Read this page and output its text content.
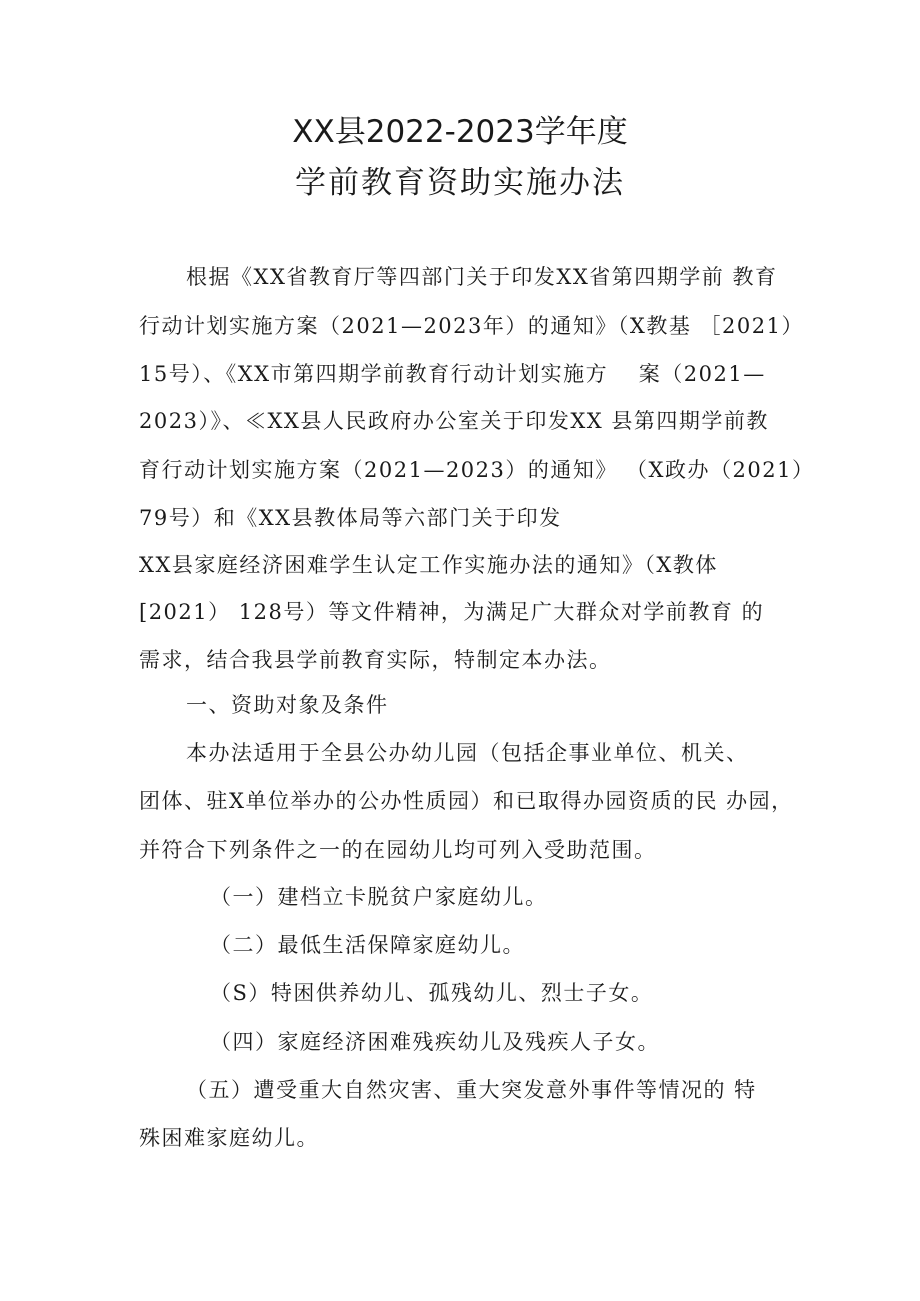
XX县2022-2023学年度
学前教育资助实施办法
根据《XX省教育厅等四部门关于印发XX省第四期学前 教育
行动计划实施方案（2021—2023年）的通知》（X教基 ［2021）
15号）、《XX市第四期学前教育行动计划实施方　 案（2021—
2023）》、≪XX县人民政府办公室关于印发XX 县第四期学前教
育行动计划实施方案（2021—2023）的通知》 （X政办（2021）
79号）和《XX县教体局等六部门关于印发
XX县家庭经济困难学生认定工作实施办法的通知》（X教体
[2021） 128号）等文件精神，为满足广大群众对学前教育 的
需求，结合我县学前教育实际，特制定本办法。
一、资助对象及条件
本办法适用于全县公办幼儿园（包括企事业单位、机关、
团体、驻X单位举办的公办性质园）和已取得办园资质的民 办园，
并符合下列条件之一的在园幼儿均可列入受助范围。
（一）建档立卡脱贫户家庭幼儿。
（二）最低生活保障家庭幼儿。
（S）特困供养幼儿、孤残幼儿、烈士子女。
（四）家庭经济困难残疾幼儿及残疾人子女。
（五）遭受重大自然灾害、重大突发意外事件等情况的 特
殊困难家庭幼儿。
